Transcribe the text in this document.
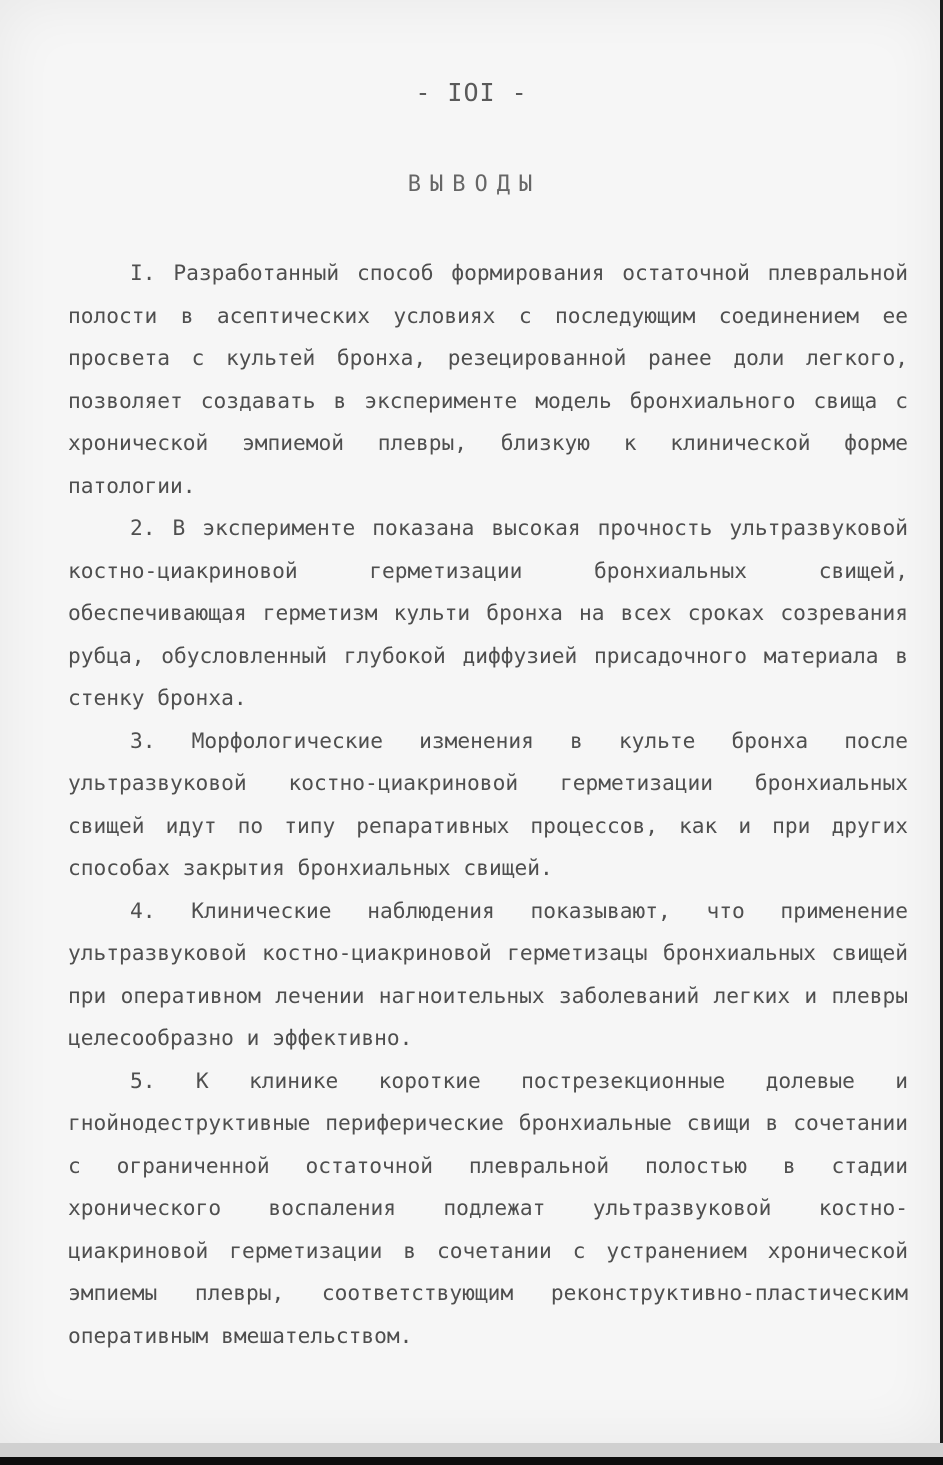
- IOI -
ВЫВОДЫ

I. Разработанный способ формирования остаточной плевральной полости в асептических условиях с последующим соединением ее просвета с культей бронха, резецированной ранее доли легкого, позволяет создавать в эксперименте модель бронхиального свища с хронической эмпиемой плевры, близкую к клинической форме патологии.

2. В эксперименте показана высокая прочность ультразвуковой костно-циакриновой герметизации бронхиальных свищей, обеспечивающая герметизм культи бронха на всех сроках созревания рубца, обусловленный глубокой диффузией присадочного материала в стенку бронха.

3. Морфологические изменения в культе бронха после ультразвуковой костно-циакриновой герметизации бронхиальных свищей идут по типу репаративных процессов, как и при других способах закрытия бронхиальных свищей.

4. Клинические наблюдения показывают, что применение ультразвуковой костно-циакриновой герметизацы бронхиальных свищей при оперативном лечении нагноительных заболеваний легких и плевры целесообразно и эффективно.

5. К клинике короткие пострезекционные долевые и гнойнодеструктивные периферические бронхиальные свищи в сочетании с ограниченной остаточной плевральной полостью в стадии хронического воспаления подлежат ультразвуковой костно-циакриновой герметизации в сочетании с устранением хронической эмпиемы плевры, соответствующим реконструктивно-пластическим оперативным вмешательством.
